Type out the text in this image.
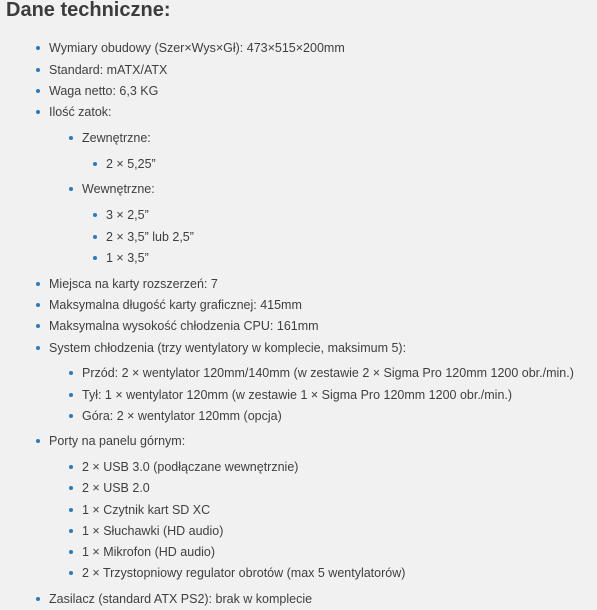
Dane techniczne:
Wymiary obudowy (Szer×Wys×Gł): 473×515×200mm
Standard: mATX/ATX
Waga netto: 6,3 KG
Ilość zatok:
Zewnętrzne:
2 × 5,25”
Wewnętrzne:
3 × 2,5”
2 × 3,5” lub 2,5”
1 × 3,5”
Miejsca na karty rozszerzeń: 7
Maksymalna długość karty graficznej: 415mm
Maksymalna wysokość chłodzenia CPU: 161mm
System chłodzenia (trzy wentylatory w komplecie, maksimum 5):
Przód: 2 × wentylator 120mm/140mm (w zestawie 2 × Sigma Pro 120mm 1200 obr./min.)
Tył: 1 × wentylator 120mm (w zestawie 1 × Sigma Pro 120mm 1200 obr./min.)
Góra: 2 × wentylator 120mm (opcja)
Porty na panelu górnym:
2 × USB 3.0 (podłączane wewnętrznie)
2 × USB 2.0
1 × Czytnik kart SD XC
1 × Słuchawki (HD audio)
1 × Mikrofon (HD audio)
2 × Trzystopniowy regulator obrotów (max 5 wentylatorów)
Zasilacz (standard ATX PS2): brak w komplecie
